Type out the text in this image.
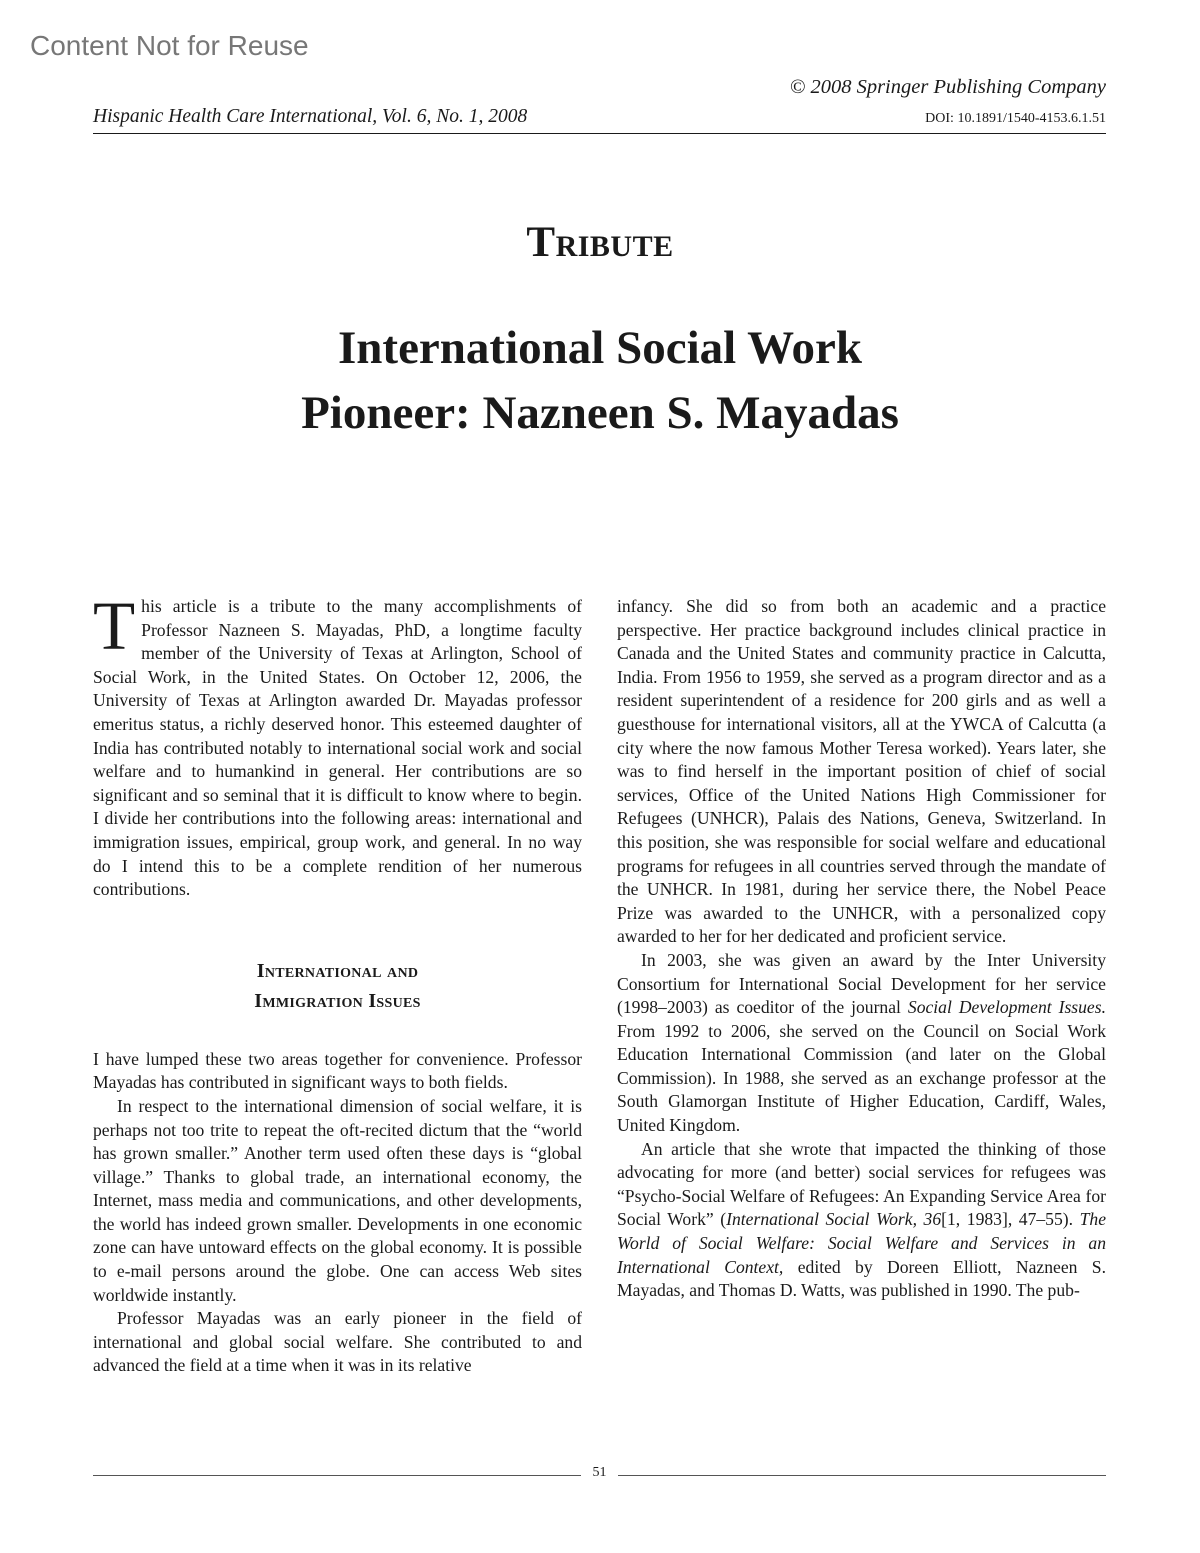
Content Not for Reuse
Hispanic Health Care International, Vol. 6, No. 1, 2008
© 2008 Springer Publishing Company
DOI: 10.1891/1540-4153.6.1.51
Tribute
International Social Work
Pioneer: Nazneen S. Mayadas

This article is a tribute to the many accomplishments of Professor Nazneen S. Mayadas, PhD, a longtime faculty member of the University of Texas at Arlington, School of Social Work, in the United States. On October 12, 2006, the University of Texas at Arlington awarded Dr. Mayadas professor emeritus status, a richly deserved honor. This esteemed daughter of India has contributed notably to international social work and social welfare and to humankind in general. Her contributions are so significant and so seminal that it is difficult to know where to begin. I divide her contributions into the following areas: international and immigration issues, empirical, group work, and general. In no way do I intend this to be a complete rendition of her numerous contributions.

International and
Immigration Issues

I have lumped these two areas together for convenience. Professor Mayadas has contributed in significant ways to both fields.

In respect to the international dimension of social welfare, it is perhaps not too trite to repeat the oft-recited dictum that the “world has grown smaller.” Another term used often these days is “global village.” Thanks to global trade, an international economy, the Internet, mass media and communications, and other developments, the world has indeed grown smaller. Developments in one economic zone can have untoward effects on the global economy. It is possible to e-mail persons around the globe. One can access Web sites worldwide instantly.

Professor Mayadas was an early pioneer in the field of international and global social welfare. She contributed to and advanced the field at a time when it was in its relative

infancy. She did so from both an academic and a practice perspective. Her practice background includes clinical practice in Canada and the United States and community practice in Calcutta, India. From 1956 to 1959, she served as a program director and as a resident superintendent of a residence for 200 girls and as well a guesthouse for international visitors, all at the YWCA of Calcutta (a city where the now famous Mother Teresa worked). Years later, she was to find herself in the important position of chief of social services, Office of the United Nations High Commissioner for Refugees (UNHCR), Palais des Nations, Geneva, Switzerland. In this position, she was responsible for social welfare and educational programs for refugees in all countries served through the mandate of the UNHCR. In 1981, during her service there, the Nobel Peace Prize was awarded to the UNHCR, with a personalized copy awarded to her for her dedicated and proficient service.

In 2003, she was given an award by the Inter University Consortium for International Social Development for her service (1998–2003) as coeditor of the journal Social Development Issues. From 1992 to 2006, she served on the Council on Social Work Education International Commission (and later on the Global Commission). In 1988, she served as an exchange professor at the South Glamorgan Institute of Higher Education, Cardiff, Wales, United Kingdom.

An article that she wrote that impacted the thinking of those advocating for more (and better) social services for refugees was “Psycho-Social Welfare of Refugees: An Expanding Service Area for Social Work” (International Social Work, 36[1, 1983], 47–55). The World of Social Welfare: Social Welfare and Services in an International Context, edited by Doreen Elliott, Nazneen S. Mayadas, and Thomas D. Watts, was published in 1990. The pub-

51
